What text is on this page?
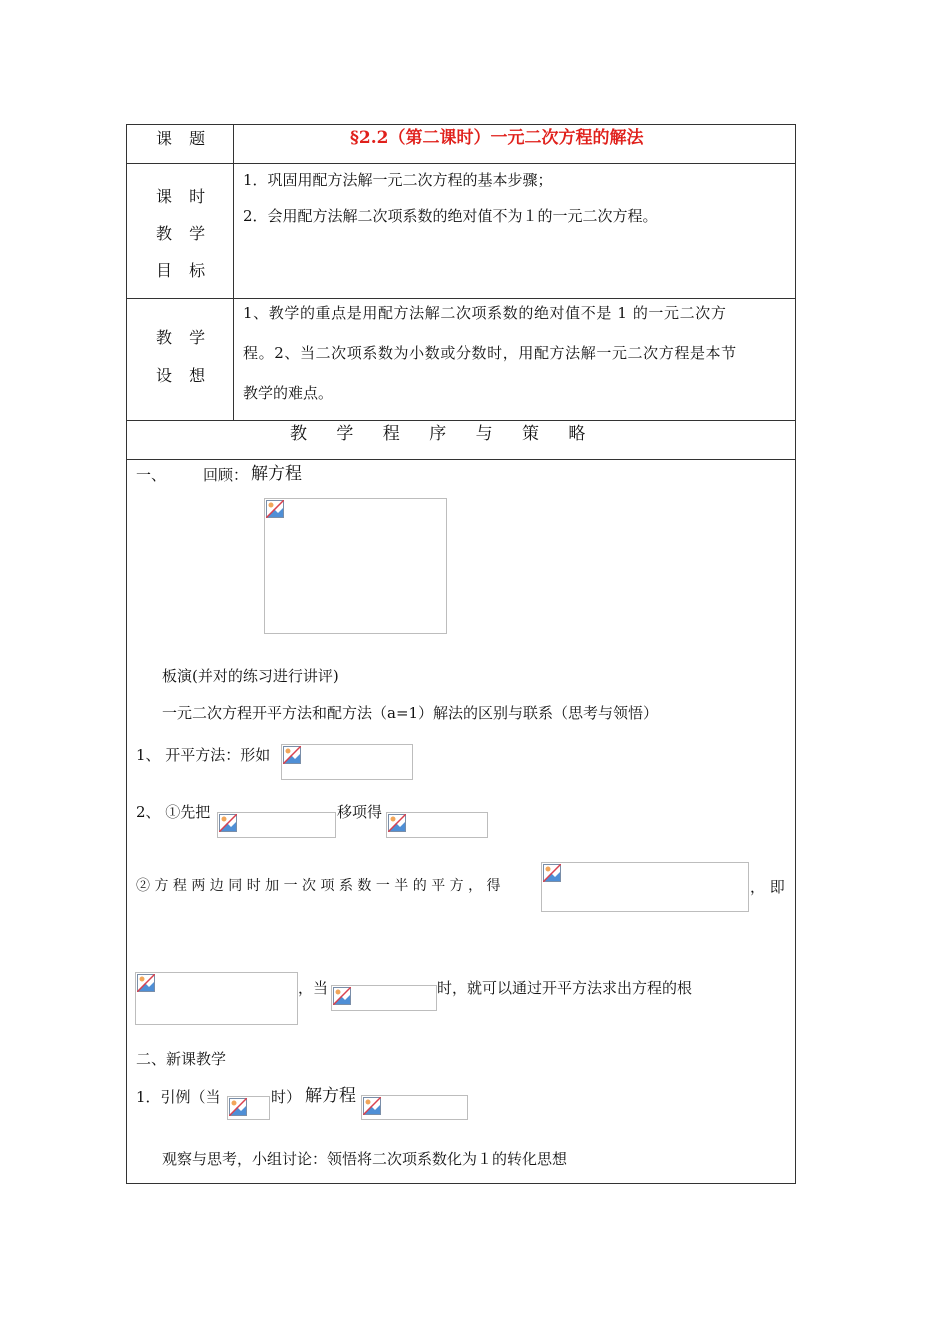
课 题	§2.2（第二课时）一元二次方程的解法
课 时
教 学
目 标
1．巩固用配方法解一元二次方程的基本步骤；
2．会用配方法解二次项系数的绝对值不为１的一元二次方程。
教 学
设 想
1、教学的重点是用配方法解二次项系数的绝对值不是 1 的一元二次方
程。2、当二次项系数为小数或分数时，用配方法解一元二次方程是本节
教学的难点。
教 学 程 序 与 策 略
一、 回顾： 解方程
板演(并对的练习进行讲评)
一元二次方程开平方法和配方法（a=1）解法的区别与联系（思考与领悟）
1、 开平方法：形如
2、 ①先把	移项得
② 方 程 两 边 同 时 加 一 次 项 系 数 一 半 的 平 方 ， 得	， 即
，当	时，就可以通过开平方法求出方程的根
二、新课教学
1．引例（当	时） 解方程
观察与思考，小组讨论：领悟将二次项系数化为１的转化思想
